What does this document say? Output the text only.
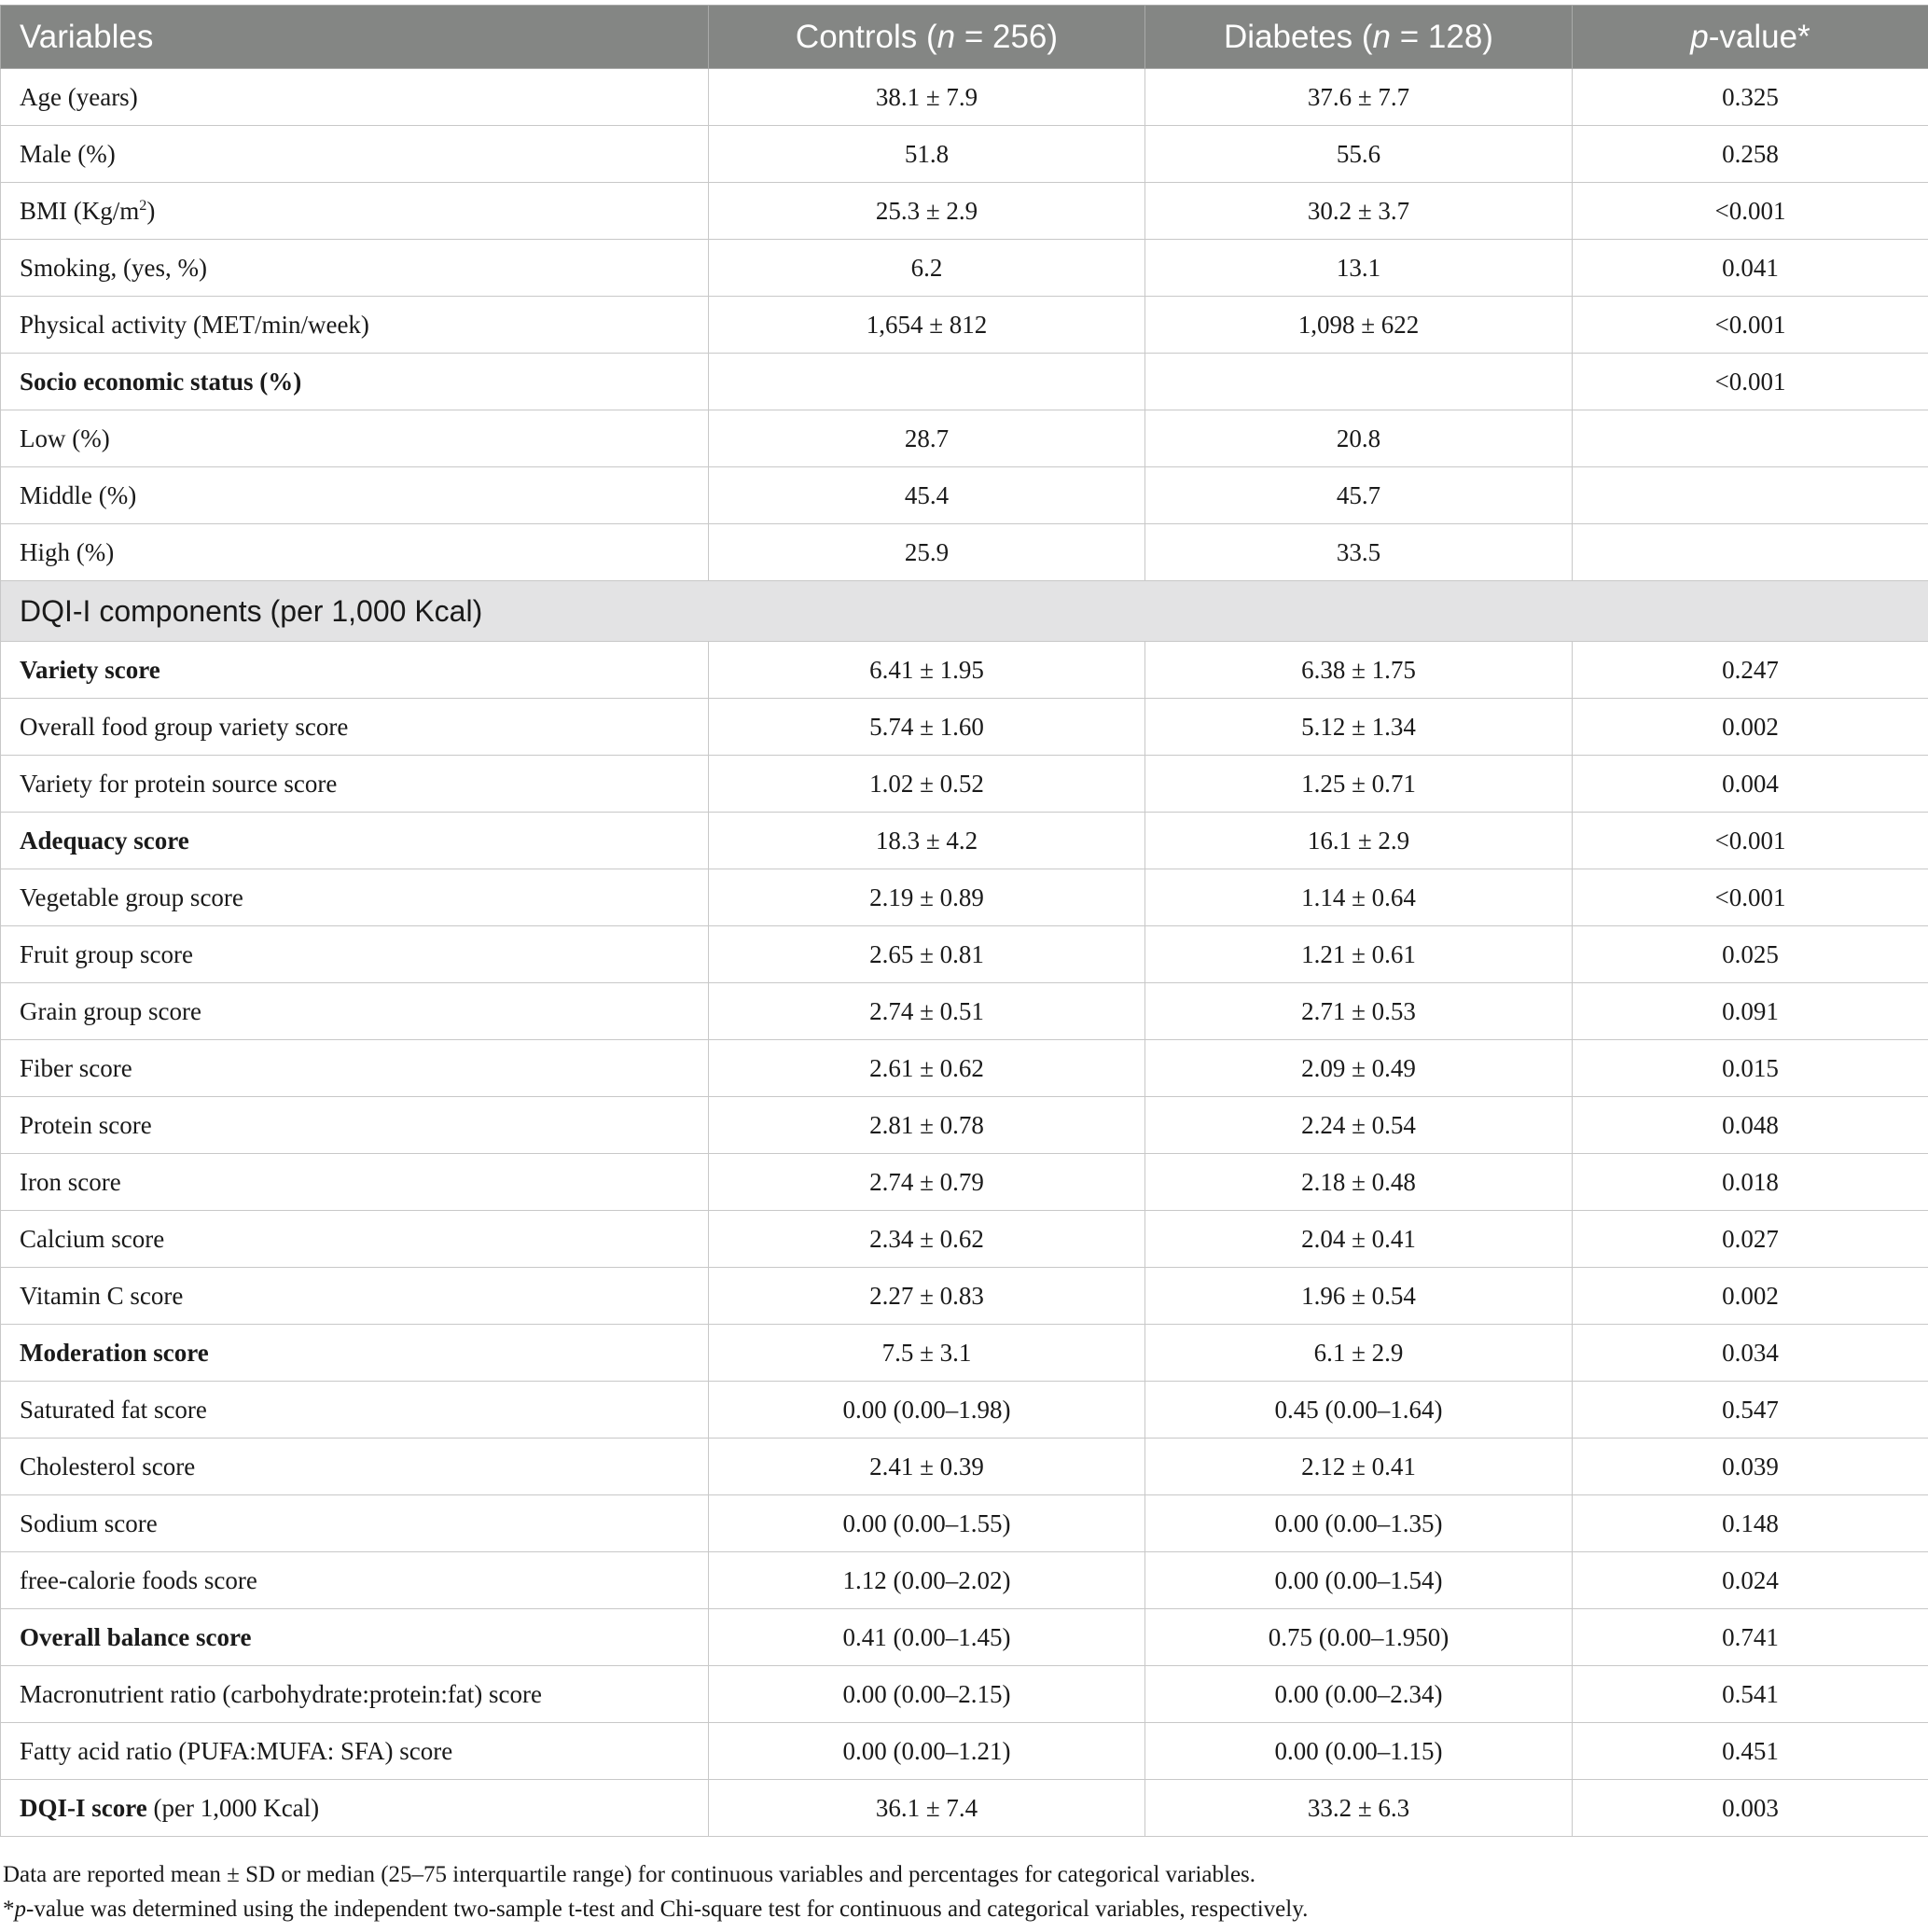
Variables	Controls (n = 256)	Diabetes (n = 128)	p-value*
Age (years)	38.1 ± 7.9	37.6 ± 7.7	0.325
Male (%)	51.8	55.6	0.258
BMI $(Kg/m^2)$	25.3 ± 2.9	30.2 ± 3.7	<0.001
Smoking, (yes, %)	6.2	13.1	0.041
Physical activity (MET/min/week)	1,654 ± 812	1,098 ± 622	<0.001
Socio economic status (%)			<0.001
Low (%)	28.7	20.8	
Middle (%)	45.4	45.7	
High (%)	25.9	33.5	
DQI-I components (per 1,000 Kcal)			
Variety score	6.41 ± 1.95	6.38 ± 1.75	0.247
Overall food group variety score	5.74 ± 1.60	5.12 ± 1.34	0.002
Variety for protein source score	1.02 ± 0.52	1.25 ± 0.71	0.004
Adequacy score	18.3 ± 4.2	16.1 ± 2.9	<0.001
Vegetable group score	2.19 ± 0.89	1.14 ± 0.64	<0.001
Fruit group score	2.65 ± 0.81	1.21 ± 0.61	0.025
Grain group score	2.74 ± 0.51	2.71 ± 0.53	0.091
Fiber score	2.61 ± 0.62	2.09 ± 0.49	0.015
Protein score	2.81 ± 0.78	2.24 ± 0.54	0.048
Iron score	2.74 ± 0.79	2.18 ± 0.48	0.018
Calcium score	2.34 ± 0.62	2.04 ± 0.41	0.027
Vitamin C score	2.27 ± 0.83	1.96 ± 0.54	0.002
Moderation score	7.5 ± 3.1	6.1 ± 2.9	0.034
Saturated fat score	0.00 (0.00–1.98)	0.45 (0.00–1.64)	0.547
Cholesterol score	2.41 ± 0.39	2.12 ± 0.41	0.039
Sodium score	0.00 (0.00–1.55)	0.00 (0.00–1.35)	0.148
free-calorie foods score	1.12 (0.00–2.02)	0.00 (0.00–1.54)	0.024
Overall balance score	0.41 (0.00–1.45)	0.75 (0.00–1.950)	0.741
Macronutrient ratio (carbohydrate:protein:fat) score	0.00 (0.00–2.15)	0.00 (0.00–2.34)	0.541
Fatty acid ratio (PUFA:MUFA: SFA) score	0.00 (0.00–1.21)	0.00 (0.00–1.15)	0.451
DQI-I score (per 1,000 Kcal)	36.1 ± 7.4	33.2 ± 6.3	0.003
Data are reported mean ± SD or median (25–75 interquartile range) for continuous variables and percentages for categorical variables.
*p-value was determined using the independent two-sample t-test and Chi-square test for continuous and categorical variables, respectively.
